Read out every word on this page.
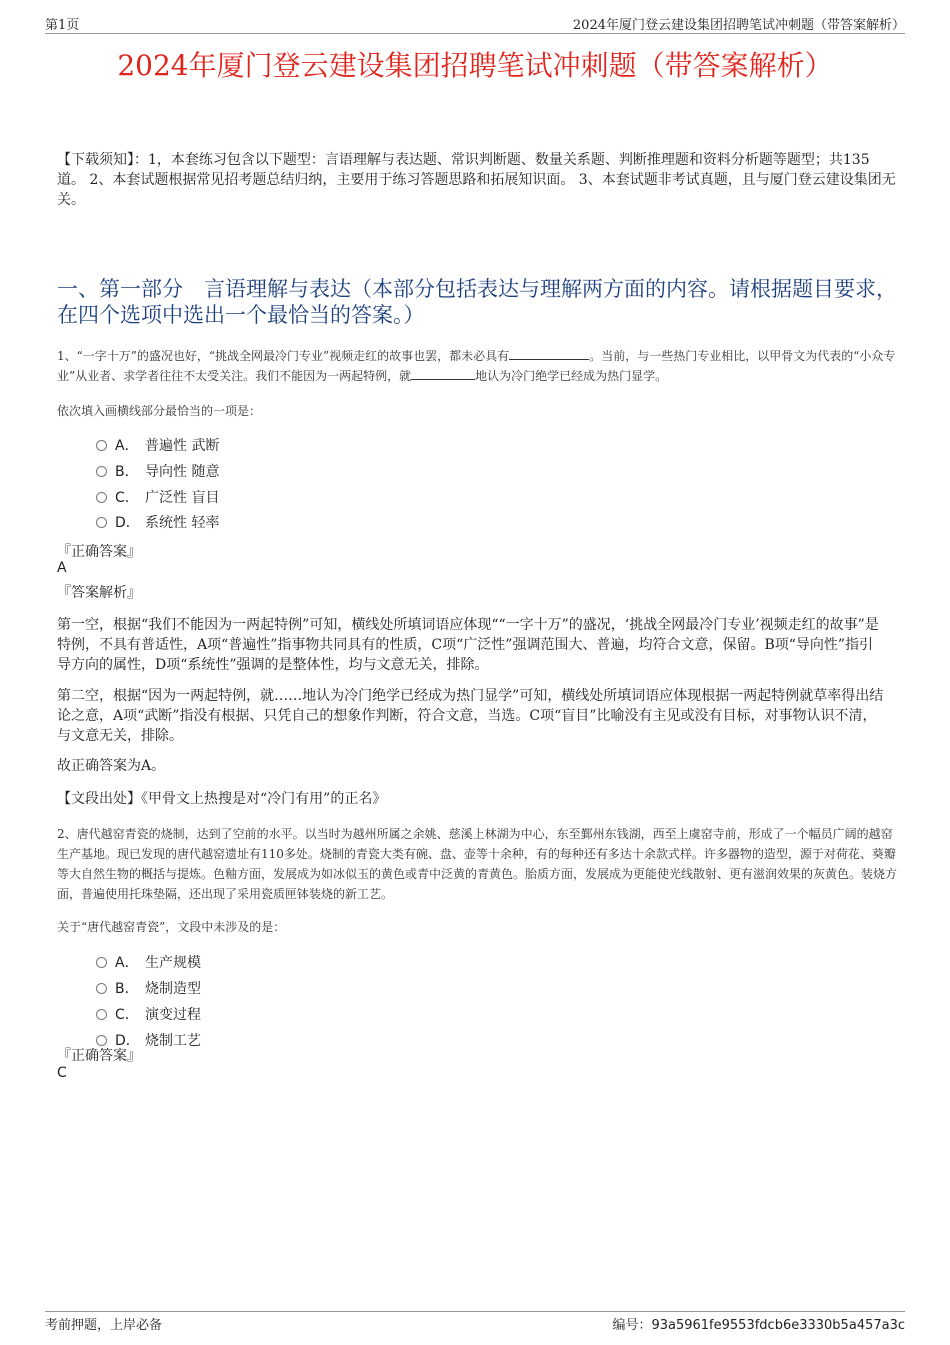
第1页	2024年厦门登云建设集团招聘笔试冲刺题（带答案解析）
2024年厦门登云建设集团招聘笔试冲刺题（带答案解析）
【下载须知】：1，本套练习包含以下题型：言语理解与表达题、常识判断题、数量关系题、判断推理题和资料分析题等题型；共135道。 2、本套试题根据常见招考题总结归纳，主要用于练习答题思路和拓展知识面。 3、本套试题非考试真题，且与厦门登云建设集团无关。
一、第一部分　言语理解与表达（本部分包括表达与理解两方面的内容。请根据题目要求，在四个选项中选出一个最恰当的答案。）
1、“一字十万”的盛况也好，“挑战全网最冷门专业”视频走红的故事也罢，都未必具有	。当前，与一些热门专业相比，以甲骨文为代表的“小众专业”从业者、求学者往往不太受关注。我们不能因为一两起特例，就	地认为冷门绝学已经成为热门显学。
依次填入画横线部分最恰当的一项是：
A． 普遍性 武断
B． 导向性 随意
C． 广泛性 盲目
D． 系统性 轻率
『正确答案』
A
『答案解析』
第一空，根据“我们不能因为一两起特例”可知，横线处所填词语应体现““一字十万”的盛况，‘挑战全网最冷门专业’视频走红的故事”是特例，不具有普适性，A项“普遍性”指事物共同具有的性质，C项“广泛性”强调范围大、普遍，均符合文意，保留。B项“导向性”指引导方向的属性，D项“系统性”强调的是整体性，均与文意无关，排除。
第二空，根据“因为一两起特例，就……地认为冷门绝学已经成为热门显学”可知，横线处所填词语应体现根据一两起特例就草率得出结论之意，A项“武断”指没有根据、只凭自己的想象作判断，符合文意，当选。C项“盲目”比喻没有主见或没有目标，对事物认识不清，与文意无关，排除。
故正确答案为A。
【文段出处】《甲骨文上热搜是对“冷门有用”的正名》
2、唐代越窑青瓷的烧制，达到了空前的水平。以当时为越州所属之余姚、慈溪上林湖为中心，东至鄞州东钱湖，西至上虞窑寺前，形成了一个幅员广阔的越窑生产基地。现已发现的唐代越窑遗址有110多处。烧制的青瓷大类有碗、盘、壶等十余种，有的每种还有多达十余款式样。许多器物的造型，源于对荷花、葵瓣等大自然生物的概括与提炼。色釉方面，发展成为如冰似玉的黄色或青中泛黄的青黄色。胎质方面，发展成为更能使光线散射、更有滋润效果的灰黄色。装烧方面，普遍使用托珠垫隔，还出现了采用瓷质匣钵装烧的新工艺。
关于“唐代越窑青瓷”，文段中未涉及的是：
A． 生产规模
B． 烧制造型
C． 演变过程
D． 烧制工艺
『正确答案』
C
考前押题，上岸必备	编号：93a5961fe9553fdcb6e3330b5a457a3c
